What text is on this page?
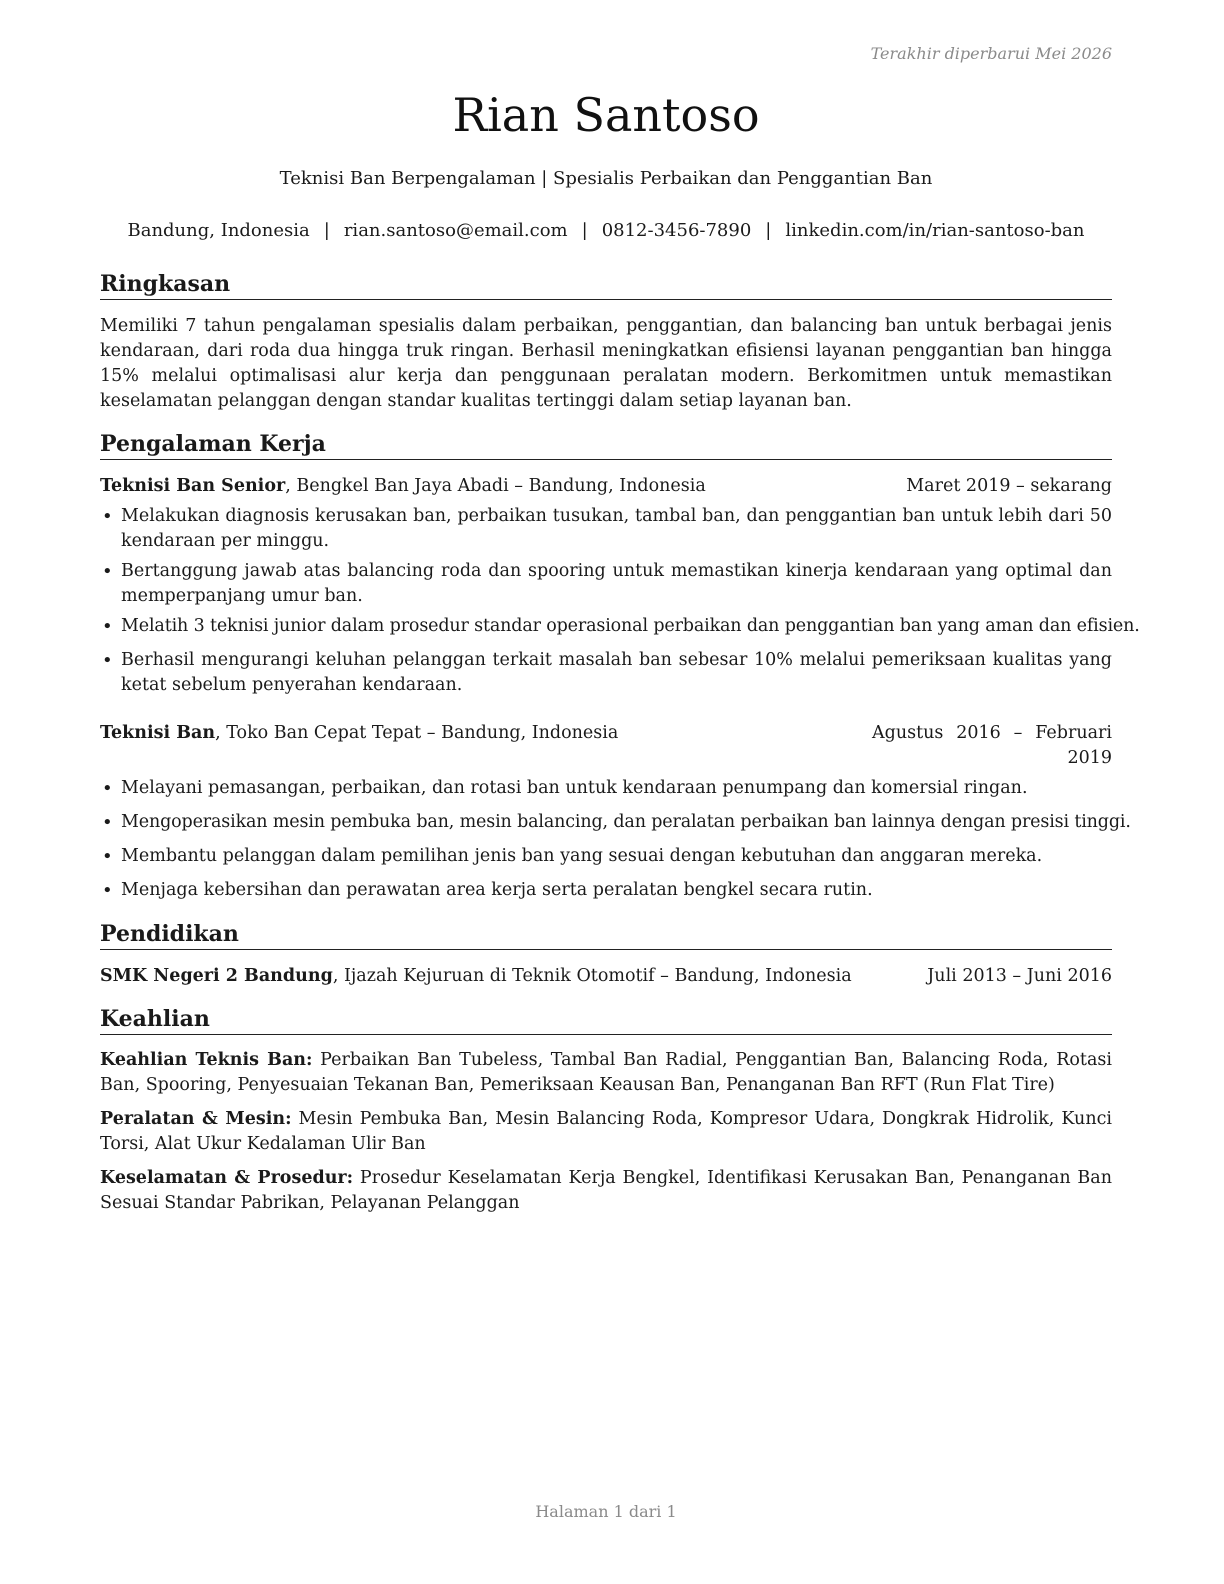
Terakhir diperbarui Mei 2026
Rian Santoso
Teknisi Ban Berpengalaman | Spesialis Perbaikan dan Penggantian Ban
Bandung, Indonesia | rian.santoso@email.com | 0812-3456-7890 | linkedin.com/in/rian-santoso-ban
Ringkasan
Memiliki 7 tahun pengalaman spesialis dalam perbaikan, penggantian, dan balancing ban untuk berbagai jenis kendaraan, dari roda dua hingga truk ringan. Berhasil meningkatkan efisiensi layanan penggantian ban hingga 15% melalui optimalisasi alur kerja dan penggunaan peralatan modern. Berkomitmen untuk memastikan keselamatan pelanggan dengan standar kualitas tertinggi dalam setiap layanan ban.
Pengalaman Kerja
Teknisi Ban Senior, Bengkel Ban Jaya Abadi – Bandung, Indonesia	Maret 2019 – sekarang
• Melakukan diagnosis kerusakan ban, perbaikan tusukan, tambal ban, dan penggantian ban untuk lebih dari 50 kendaraan per minggu.
• Bertanggung jawab atas balancing roda dan spooring untuk memastikan kinerja kendaraan yang optimal dan memperpanjang umur ban.
• Melatih 3 teknisi junior dalam prosedur standar operasional perbaikan dan penggantian ban yang aman dan efisien.
• Berhasil mengurangi keluhan pelanggan terkait masalah ban sebesar 10% melalui pemeriksaan kualitas yang ketat sebelum penyerahan kendaraan.
Teknisi Ban, Toko Ban Cepat Tepat – Bandung, Indonesia	Agustus 2016 – Februari 2019
• Melayani pemasangan, perbaikan, dan rotasi ban untuk kendaraan penumpang dan komersial ringan.
• Mengoperasikan mesin pembuka ban, mesin balancing, dan peralatan perbaikan ban lainnya dengan presisi tinggi.
• Membantu pelanggan dalam pemilihan jenis ban yang sesuai dengan kebutuhan dan anggaran mereka.
• Menjaga kebersihan dan perawatan area kerja serta peralatan bengkel secara rutin.
Pendidikan
SMK Negeri 2 Bandung, Ijazah Kejuruan di Teknik Otomotif – Bandung, Indonesia	Juli 2013 – Juni 2016
Keahlian
Keahlian Teknis Ban: Perbaikan Ban Tubeless, Tambal Ban Radial, Penggantian Ban, Balancing Roda, Rotasi Ban, Spooring, Penyesuaian Tekanan Ban, Pemeriksaan Keausan Ban, Penanganan Ban RFT (Run Flat Tire)
Peralatan & Mesin: Mesin Pembuka Ban, Mesin Balancing Roda, Kompresor Udara, Dongkrak Hidrolik, Kunci Torsi, Alat Ukur Kedalaman Ulir Ban
Keselamatan & Prosedur: Prosedur Keselamatan Kerja Bengkel, Identifikasi Kerusakan Ban, Penanganan Ban Sesuai Standar Pabrikan, Pelayanan Pelanggan
Halaman 1 dari 1
